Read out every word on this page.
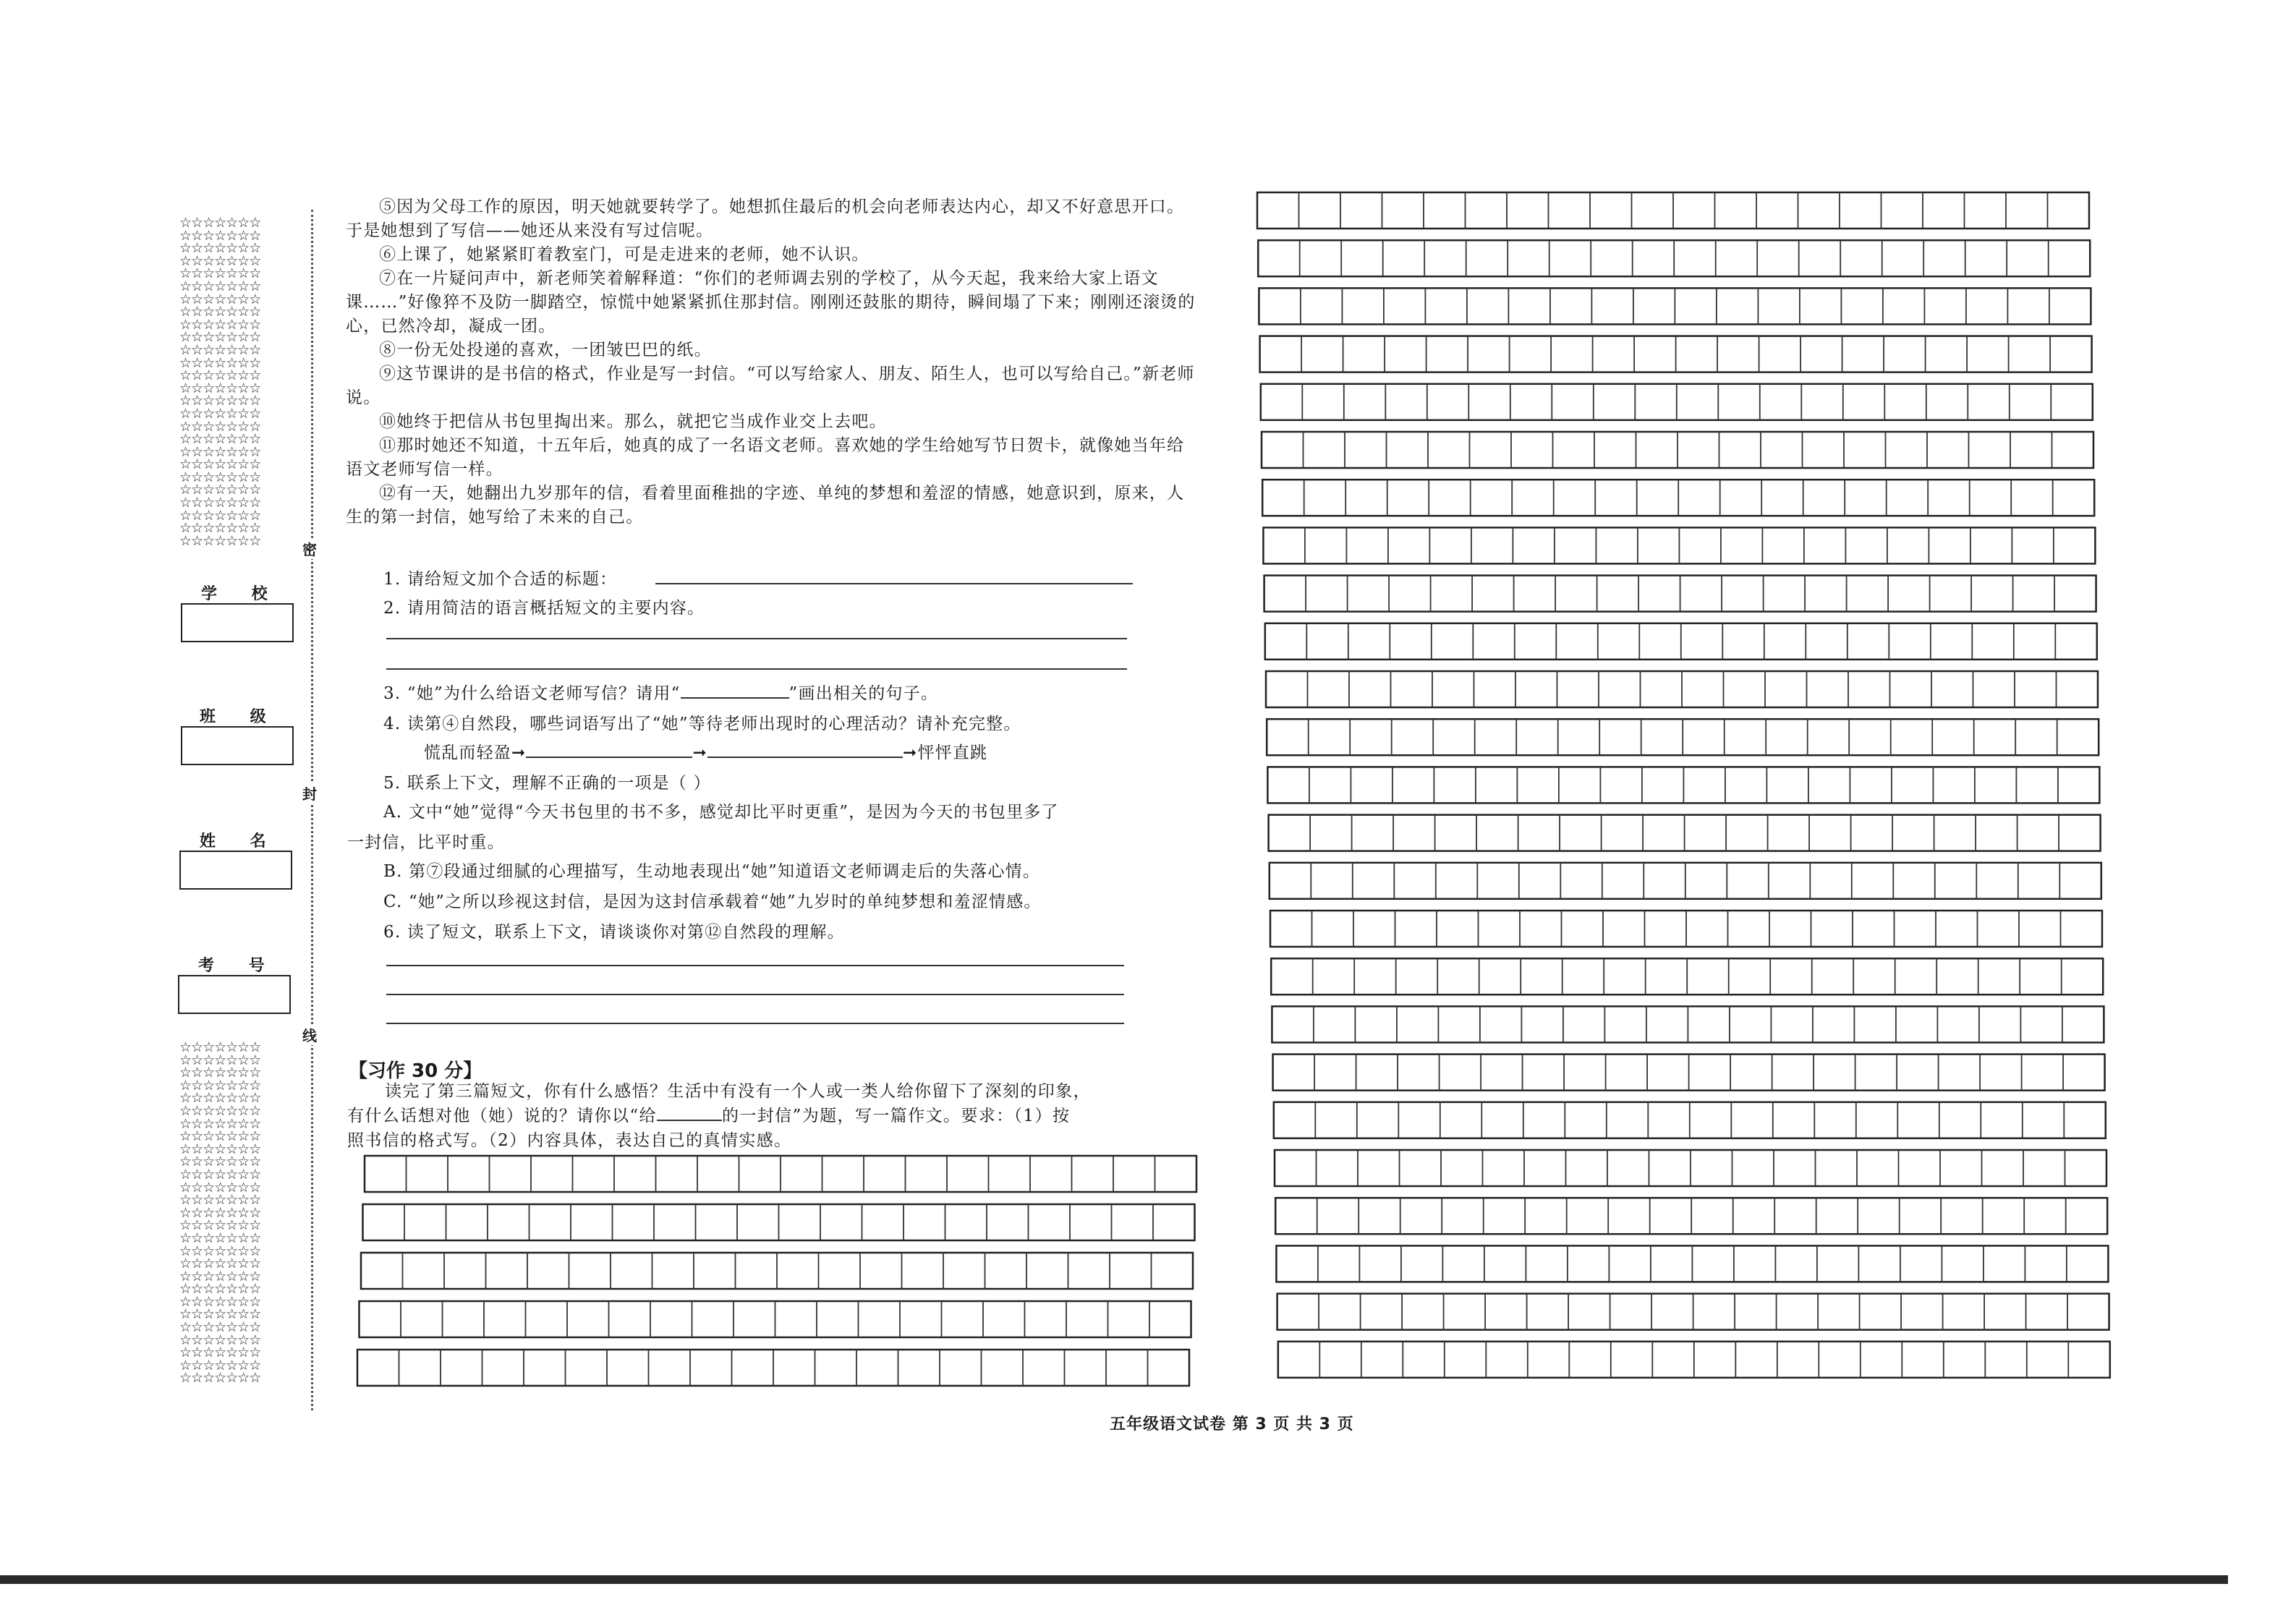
☆☆☆☆☆☆☆
☆☆☆☆☆☆☆
☆☆☆☆☆☆☆
☆☆☆☆☆☆☆
☆☆☆☆☆☆☆
☆☆☆☆☆☆☆
☆☆☆☆☆☆☆
☆☆☆☆☆☆☆
☆☆☆☆☆☆☆
☆☆☆☆☆☆☆
☆☆☆☆☆☆☆
☆☆☆☆☆☆☆
☆☆☆☆☆☆☆
☆☆☆☆☆☆☆
☆☆☆☆☆☆☆
☆☆☆☆☆☆☆
☆☆☆☆☆☆☆
☆☆☆☆☆☆☆
☆☆☆☆☆☆☆
☆☆☆☆☆☆☆
☆☆☆☆☆☆☆
☆☆☆☆☆☆☆
☆☆☆☆☆☆☆
☆☆☆☆☆☆☆
☆☆☆☆☆☆☆
☆☆☆☆☆☆☆
☆☆☆☆☆☆☆
☆☆☆☆☆☆☆
☆☆☆☆☆☆☆
☆☆☆☆☆☆☆
☆☆☆☆☆☆☆
☆☆☆☆☆☆☆
☆☆☆☆☆☆☆
☆☆☆☆☆☆☆
☆☆☆☆☆☆☆
☆☆☆☆☆☆☆
☆☆☆☆☆☆☆
☆☆☆☆☆☆☆
☆☆☆☆☆☆☆
☆☆☆☆☆☆☆
☆☆☆☆☆☆☆
☆☆☆☆☆☆☆
☆☆☆☆☆☆☆
☆☆☆☆☆☆☆
☆☆☆☆☆☆☆
☆☆☆☆☆☆☆
☆☆☆☆☆☆☆
☆☆☆☆☆☆☆
☆☆☆☆☆☆☆
☆☆☆☆☆☆☆
☆☆☆☆☆☆☆
☆☆☆☆☆☆☆
☆☆☆☆☆☆☆
学 校
班 级
姓 名
考 号
密
封
线

⑤因为父母工作的原因，明天她就要转学了。她想抓住最后的机会向老师表达内心，却又不好意思开口。于是她想到了写信——她还从来没有写过信呢。

⑥上课了，她紧紧盯着教室门，可是走进来的老师，她不认识。

⑦在一片疑问声中，新老师笑着解释道：“你们的老师调去别的学校了，从今天起，我来给大家上语文课……”好像猝不及防一脚踏空，惊慌中她紧紧抓住那封信。刚刚还鼓胀的期待，瞬间塌了下来；刚刚还滚烫的心，已然冷却，凝成一团。

⑧一份无处投递的喜欢，一团皱巴巴的纸。

⑨这节课讲的是书信的格式，作业是写一封信。“可以写给家人、朋友、陌生人，也可以写给自己。”新老师说。

⑩她终于把信从书包里掏出来。那么，就把它当成作业交上去吧。

⑪那时她还不知道，十五年后，她真的成了一名语文老师。喜欢她的学生给她写节日贺卡，就像她当年给语文老师写信一样。

⑫有一天，她翻出九岁那年的信，看着里面稚拙的字迹、单纯的梦想和羞涩的情感，她意识到，原来，人生的第一封信，她写给了未来的自己。

1. 请给短文加个合适的标题：
2. 请用简洁的语言概括短文的主要内容。
3. “她”为什么给语文老师写信？请用“	”画出相关的句子。
4. 读第④自然段，哪些词语写出了“她”等待老师出现时的心理活动？请补充完整。
慌乱而轻盈➞	➞	➞怦怦直跳
5. 联系上下文，理解不正确的一项是（ ）
A. 文中“她”觉得“今天书包里的书不多，感觉却比平时更重”，是因为今天的书包里多了
一封信，比平时重。
B. 第⑦段通过细腻的心理描写，生动地表现出“她”知道语文老师调走后的失落心情。
C. “她”之所以珍视这封信，是因为这封信承载着“她”九岁时的单纯梦想和羞涩情感。
6. 读了短文，联系上下文，请谈谈你对第⑫自然段的理解。
【习作 30 分】

读完了第三篇短文，你有什么感悟？生活中有没有一个人或一类人给你留下了深刻的印象，

有什么话想对他（她）说的？请你以“给	的一封信”为题，写一篇作文。要求：（1）按

照书信的格式写。（2）内容具体，表达自己的真情实感。

五年级语文试卷 第 3 页 共 3 页
